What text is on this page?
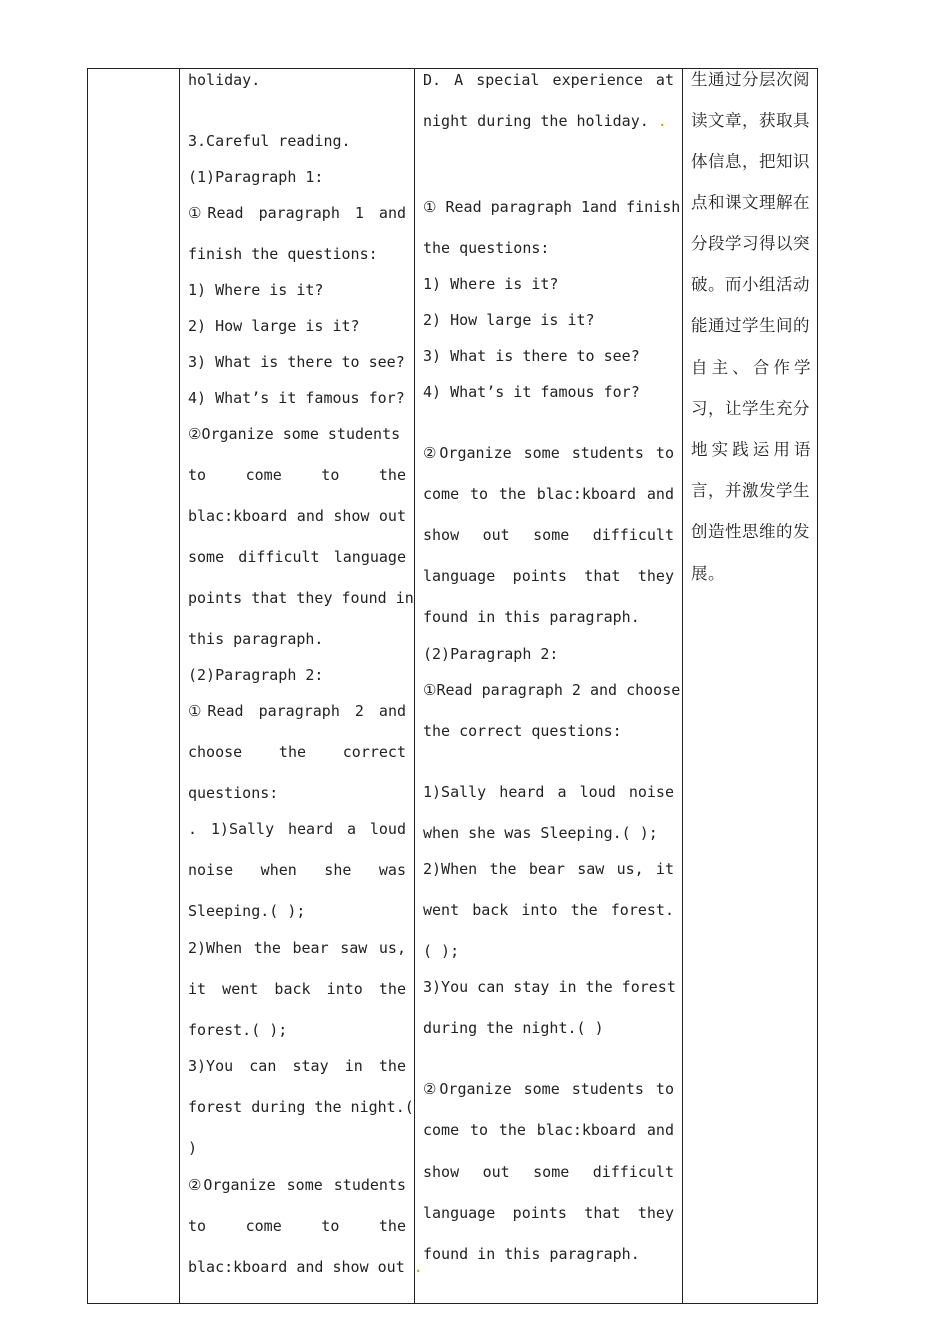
holiday.
3.Careful reading.
(1)Paragraph 1:
①Read paragraph 1 and
finish the questions:
1) Where is it?
2) How large is it?
3) What is there to see?
4) What’s it famous for?
②Organize some students
to come to the
blac:kboard and show out
some difficult language
points that they found in
this paragraph.
(2)Paragraph 2:
①Read paragraph 2 and
choose the correct
questions:
. 1)Sally heard a loud
noise when she was
Sleeping.( );
2)When the bear saw us,
it went back into the
forest.( );
3)You can stay in the
forest during the night.(
)
②Organize some students
to come to the
blac:kboard and show out .
D. A special experience at
night during the holiday. .
① Read paragraph 1and finish
the questions:
1) Where is it?
2) How large is it?
3) What is there to see?
4) What’s it famous for?
②Organize some students to
come to the blac:kboard and
show out some difficult
language points that they
found in this paragraph.
(2)Paragraph 2:
①Read paragraph 2 and choose
the correct questions:
1)Sally heard a loud noise
when she was Sleeping.( );
2)When the bear saw us, it
went back into the forest.
( );
3)You can stay in the forest
during the night.( )
②Organize some students to
come to the blac:kboard and
show out some difficult
language points that they
found in this paragraph.
生通过分层次阅
读文章，获取具
体信息，把知识
点和课文理解在
分段学习得以突
破。而小组活动
能通过学生间的
自主、合作学
习，让学生充分
地实践运用语
言，并激发学生
创造性思维的发
展。
